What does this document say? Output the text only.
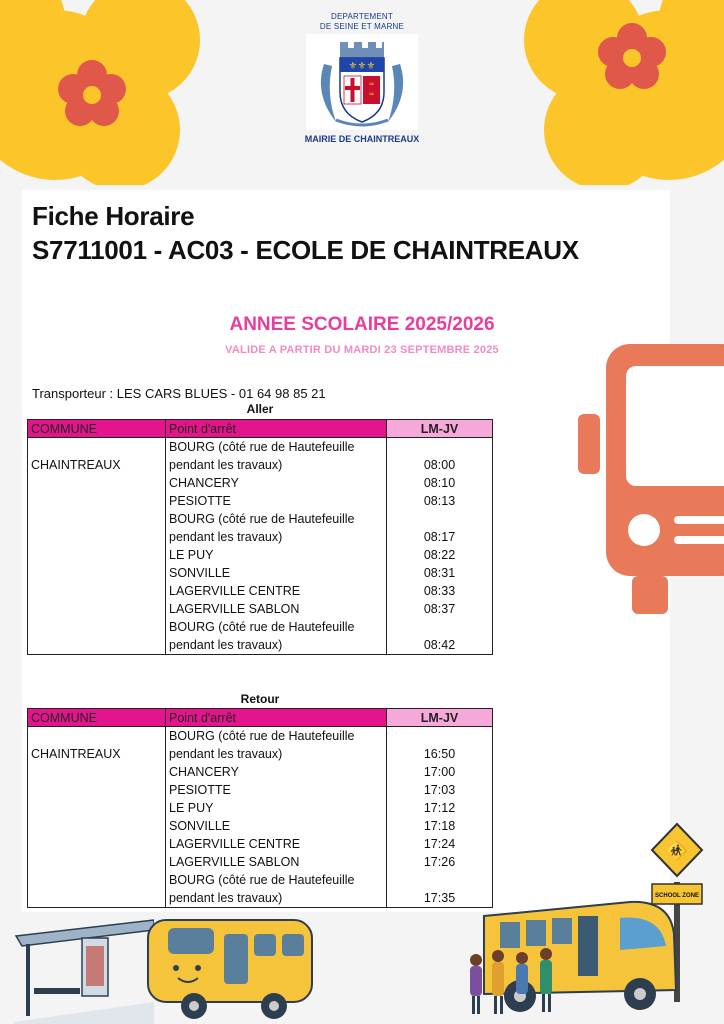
DEPARTEMENT
DE SEINE ET MARNE
⚜⚜⚜
≈
≈
MAIRIE DE CHAINTREAUX
Fiche Horaire
S7711001 - AC03 - ECOLE DE CHAINTREAUX
ANNEE SCOLAIRE 2025/2026
VALIDE A PARTIR DU MARDI 23 SEPTEMBRE 2025
Transporteur : LES CARS BLUES - 01 64 98 85 21
Aller
COMMUNE	Point d'arrêt	LM-JV
CHAINTREAUX	BOURG (côté rue de Hautefeuille
pendant les travaux)	08:00

	CHANCERY	08:10

	PESIOTTE	08:13

	BOURG (côté rue de Hautefeuille
pendant les travaux)	08:17

	LE PUY	08:22

	SONVILLE	08:31

	LAGERVILLE CENTRE	08:33

	LAGERVILLE SABLON	08:37

	BOURG (côté rue de Hautefeuille
pendant les travaux)	08:42
Retour
COMMUNE	Point d'arrêt	LM-JV
CHAINTREAUX	BOURG (côté rue de Hautefeuille
pendant les travaux)	16:50

	CHANCERY	17:00

	PESIOTTE	17:03

	LE PUY	17:12

	SONVILLE	17:18

	LAGERVILLE CENTRE	17:24

	LAGERVILLE SABLON	17:26

	BOURG (côté rue de Hautefeuille
pendant les travaux)	17:35
🚸
SCHOOL ZONE
